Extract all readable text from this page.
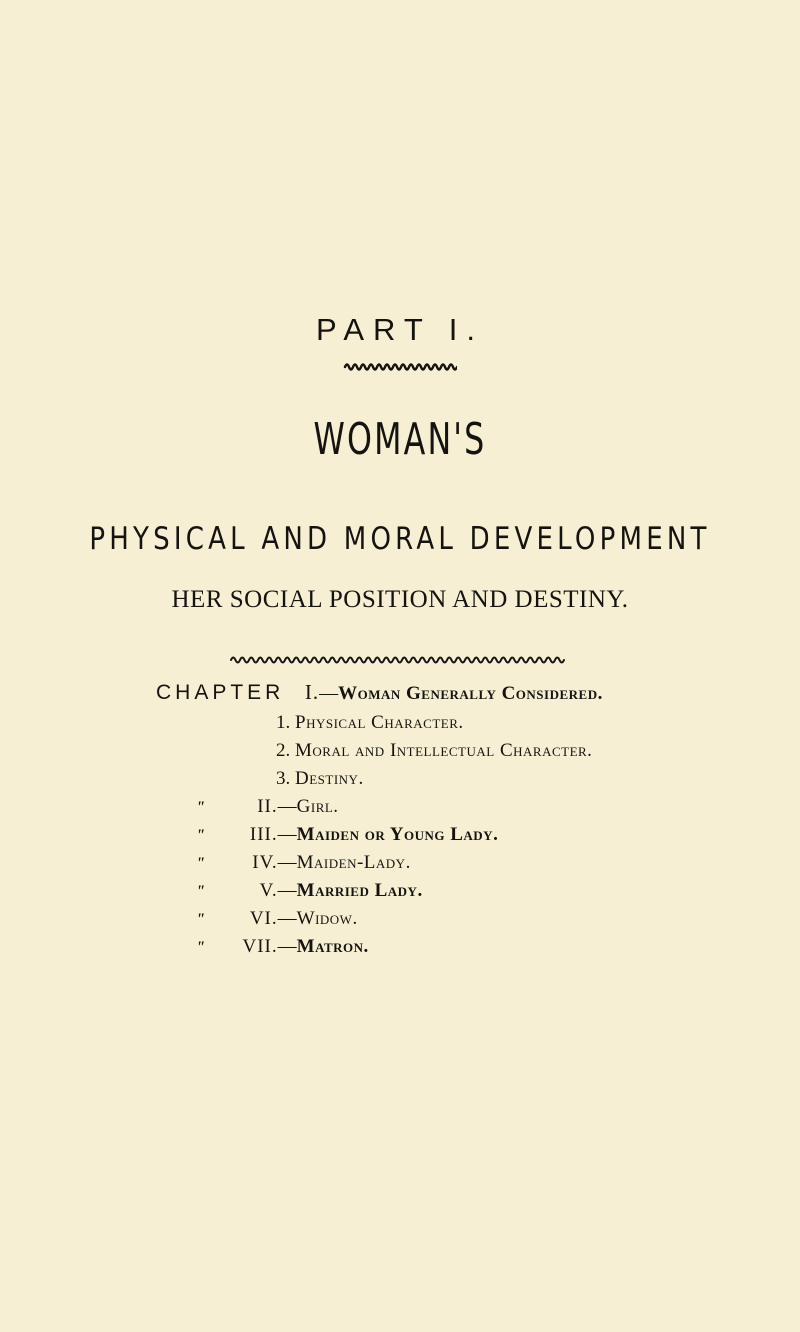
PART I.
WOMAN'S
PHYSICAL AND MORAL DEVELOPMENT
HER SOCIAL POSITION AND DESTINY.
CHAPTER I.—Woman Generally Considered.
1. Physical Character.
2. Moral and Intellectual Character.
3. Destiny.
"	II.—Girl.
" III.—Maiden or Young Lady.
" IV.—Maiden-Lady.
"	V.—Married Lady.
" VI.—Widow.
" VII.—Matron.
